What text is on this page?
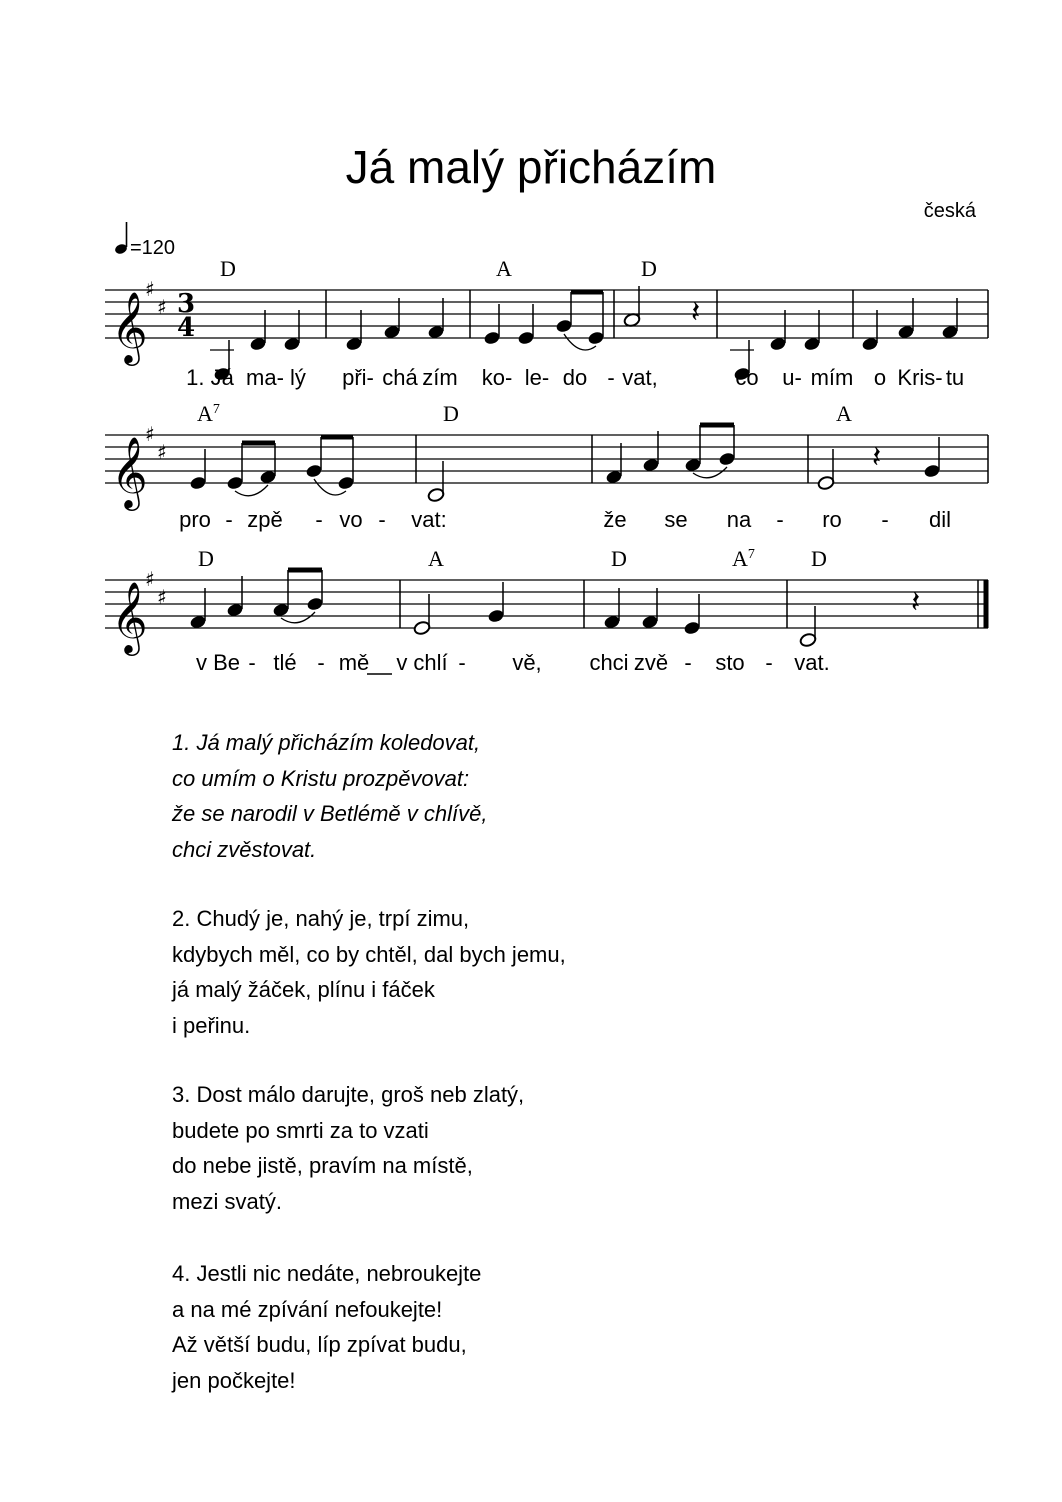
Já malý přicházím
česká
=120
𝄞
♯
♯ 3
4
𝄞
♯
♯
𝄞
♯
♯
𝄽
𝄽
𝄽
D	A	D
$A^7$	D	A
D	A	D	$A^7$	D
1. Já ma- lý při- chá zím ko- le- do - vat,	co u- mím o Kris- tu
pro - zpě - vo - vat:	že se na - ro - dil
v Be - tlé - mě v chlí - vě, chci zvě - sto - vat.
1. Já malý přicházím koledovat,
co umím o Kristu prozpěvovat:
že se narodil v Betlémě v chlívě,
chci zvěstovat.
2. Chudý je, nahý je, trpí zimu,
kdybych měl, co by chtěl, dal bych jemu,
já malý žáček, plínu i fáček
i peřinu.
3. Dost málo darujte, groš neb zlatý,
budete po smrti za to vzati
do nebe jistě, pravím na místě,
mezi svatý.
4. Jestli nic nedáte, nebroukejte
a na mé zpívání nefoukejte!
Až větší budu, líp zpívat budu,
jen počkejte!
